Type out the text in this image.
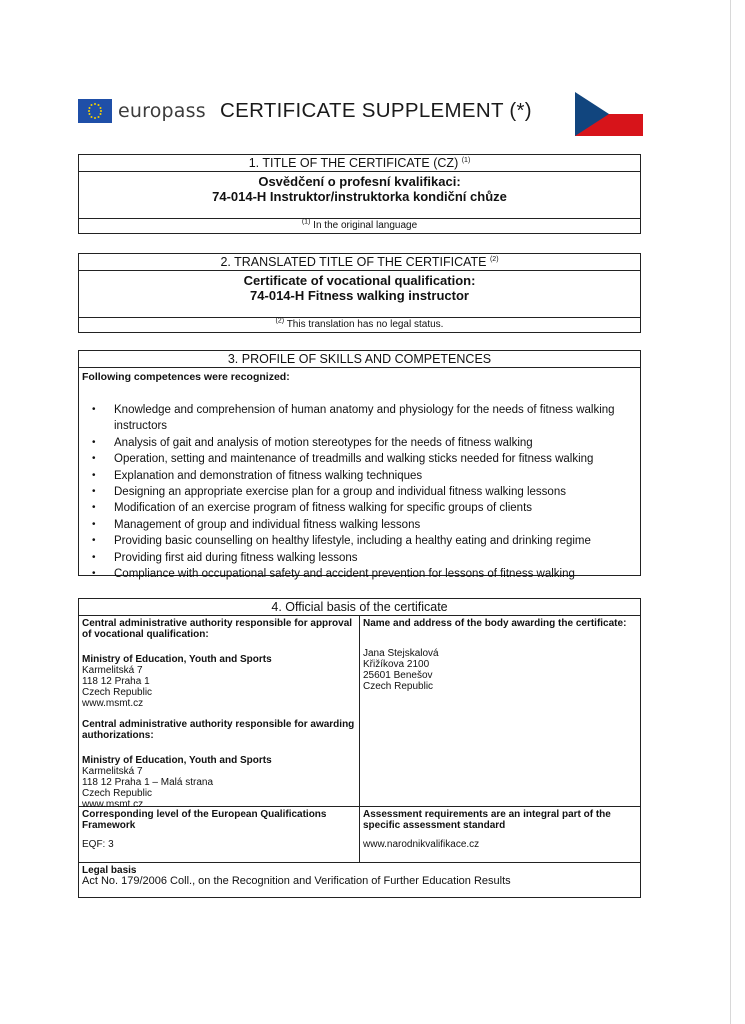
europass CERTIFICATE SUPPLEMENT (*)
1. TITLE OF THE CERTIFICATE (CZ) $^{(1)}$
Osvědčení o profesní kvalifikaci:
74-014-H Instruktor/instruktorka kondiční chůze
$^{(1)}$ In the original language
2. TRANSLATED TITLE OF THE CERTIFICATE $^{(2)}$
Certificate of vocational qualification:
74-014-H Fitness walking instructor
$^{(2)}$ This translation has no legal status.
3. PROFILE OF SKILLS AND COMPETENCES
Following competences were recognized:
• Knowledge and comprehension of human anatomy and physiology for the needs of fitness walking instructors
• Analysis of gait and analysis of motion stereotypes for the needs of fitness walking
• Operation, setting and maintenance of treadmills and walking sticks needed for fitness walking
• Explanation and demonstration of fitness walking techniques
• Designing an appropriate exercise plan for a group and individual fitness walking lessons
• Modification of an exercise program of fitness walking for specific groups of clients
• Management of group and individual fitness walking lessons
• Providing basic counselling on healthy lifestyle, including a healthy eating and drinking regime
• Providing first aid during fitness walking lessons
• Compliance with occupational safety and accident prevention for lessons of fitness walking
4. Official basis of the certificate
Central administrative authority responsible for approval of vocational qualification:
Ministry of Education, Youth and Sports
Karmelitská 7
118 12 Praha 1
Czech Republic
www.msmt.cz
Central administrative authority responsible for awarding authorizations:
Ministry of Education, Youth and Sports
Karmelitská 7
118 12 Praha 1 – Malá strana
Czech Republic
www.msmt.cz
Name and address of the body awarding the certificate:
Jana Stejskalová
Křižíkova 2100
25601 Benešov
Czech Republic
Corresponding level of the European Qualifications Framework
EQF: 3
Assessment requirements are an integral part of the specific assessment standard
www.narodnikvalifikace.cz
Legal basis
Act No. 179/2006 Coll., on the Recognition and Verification of Further Education Results
